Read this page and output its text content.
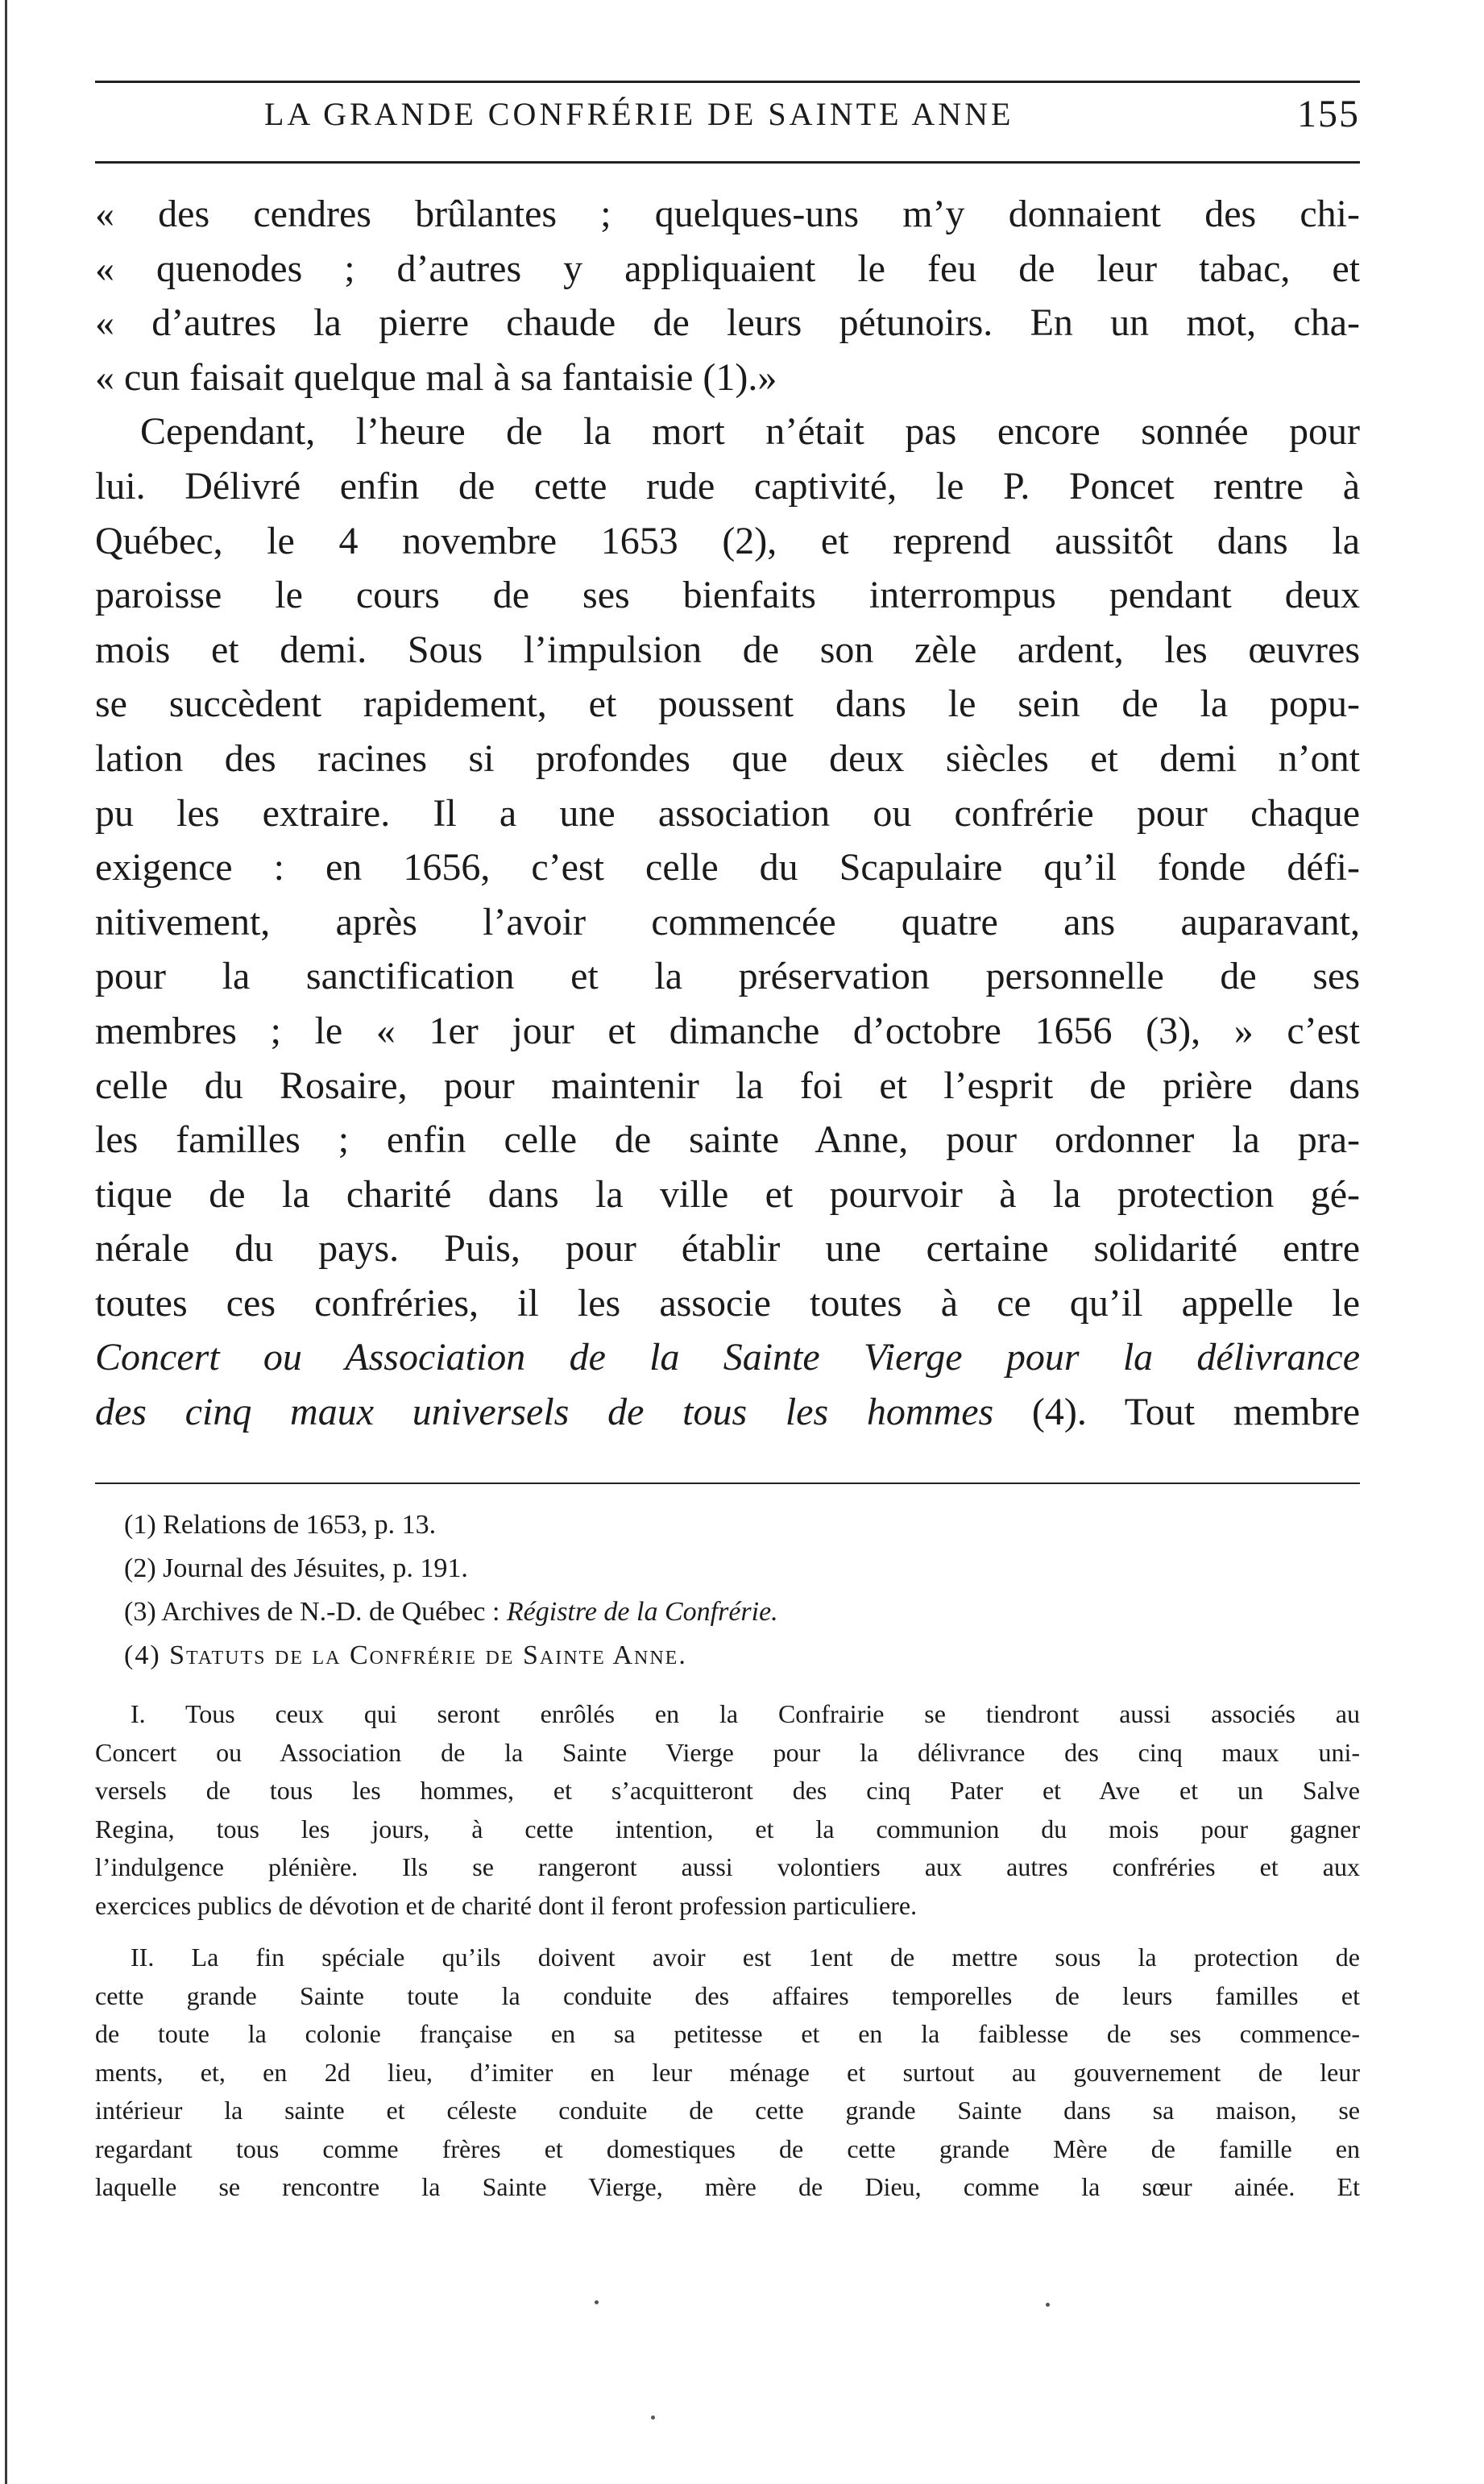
LA GRANDE CONFRÉRIE DE SAINTE ANNE	155
« des cendres brûlantes ; quelques-uns m’y donnaient des chi-
« quenodes ; d’autres y appliquaient le feu de leur tabac, et
« d’autres la pierre chaude de leurs pétunoirs. En un mot, cha-
« cun faisait quelque mal à sa fantaisie (1).»
Cependant, l’heure de la mort n’était pas encore sonnée pour
lui. Délivré enfin de cette rude captivité, le P. Poncet rentre à
Québec, le 4 novembre 1653 (2), et reprend aussitôt dans la
paroisse le cours de ses bienfaits interrompus pendant deux
mois et demi. Sous l’impulsion de son zèle ardent, les œuvres
se succèdent rapidement, et poussent dans le sein de la popu-
lation des racines si profondes que deux siècles et demi n’ont
pu les extraire. Il a une association ou confrérie pour chaque
exigence : en 1656, c’est celle du Scapulaire qu’il fonde défi-
nitivement, après l’avoir commencée quatre ans auparavant,
pour la sanctification et la préservation personnelle de ses
membres ; le « 1er jour et dimanche d’octobre 1656 (3), » c’est
celle du Rosaire, pour maintenir la foi et l’esprit de prière dans
les familles ; enfin celle de sainte Anne, pour ordonner la pra-
tique de la charité dans la ville et pourvoir à la protection gé-
nérale du pays. Puis, pour établir une certaine solidarité entre
toutes ces confréries, il les associe toutes à ce qu’il appelle le
Concert ou Association de la Sainte Vierge pour la délivrance
des cinq maux universels de tous les hommes (4). Tout membre
(1) Relations de 1653, p. 13.
(2) Journal des Jésuites, p. 191.
(3) Archives de N.-D. de Québec : Régistre de la Confrérie.
(4) Statuts de la Confrérie de Sainte Anne.
I. Tous ceux qui seront enrôlés en la Confrairie se tiendront aussi associés au
Concert ou Association de la Sainte Vierge pour la délivrance des cinq maux uni-
versels de tous les hommes, et s’acquitteront des cinq Pater et Ave et un Salve
Regina, tous les jours, à cette intention, et la communion du mois pour gagner
l’indulgence plénière. Ils se rangeront aussi volontiers aux autres confréries et aux
exercices publics de dévotion et de charité dont il feront profession particuliere.
II. La fin spéciale qu’ils doivent avoir est 1ent de mettre sous la protection de
cette grande Sainte toute la conduite des affaires temporelles de leurs familles et
de toute la colonie française en sa petitesse et en la faiblesse de ses commence-
ments, et, en 2d lieu, d’imiter en leur ménage et surtout au gouvernement de leur
intérieur la sainte et céleste conduite de cette grande Sainte dans sa maison, se
regardant tous comme frères et domestiques de cette grande Mère de famille en
laquelle se rencontre la Sainte Vierge, mère de Dieu, comme la sœur ainée. Et
